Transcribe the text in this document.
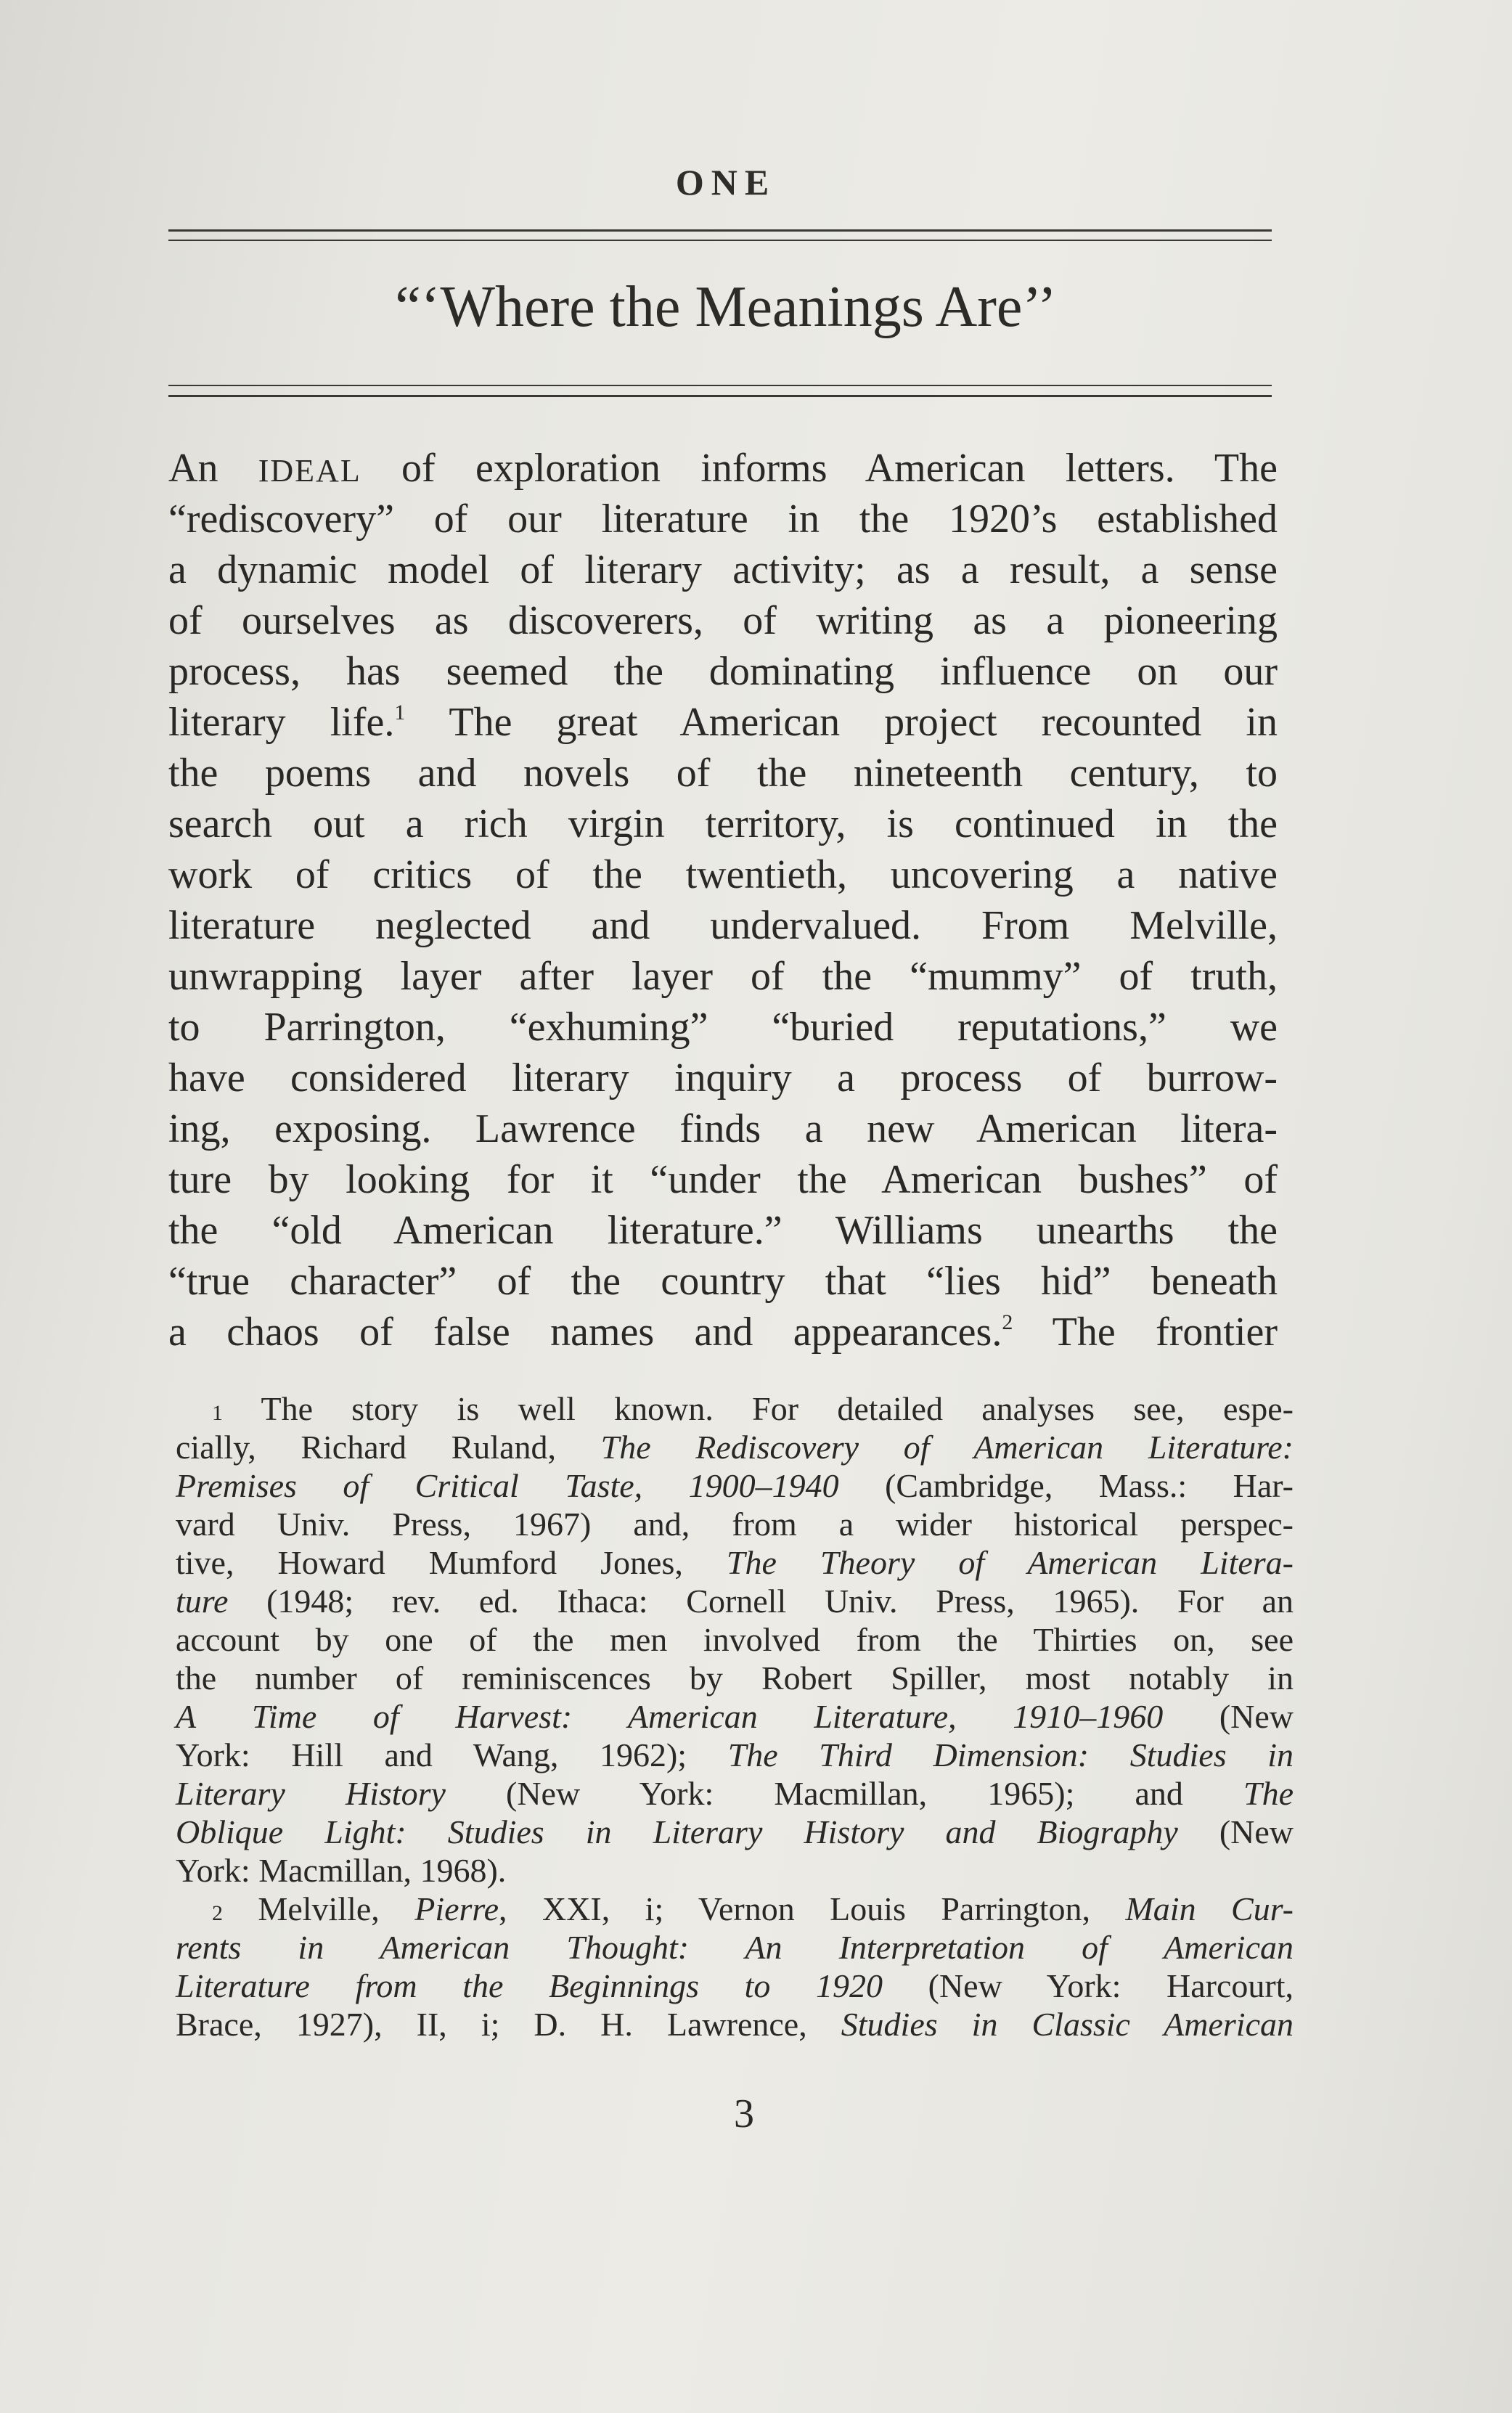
ONE
“‘Where the Meanings Are’’
An IDEAL of exploration informs American letters. The
“rediscovery” of our literature in the 1920’s established
a dynamic model of literary activity; as a result, a sense
of ourselves as discoverers, of writing as a pioneering
process, has seemed the dominating influence on our
literary life.$^1$ The great American project recounted in
the poems and novels of the nineteenth century, to
search out a rich virgin territory, is continued in the
work of critics of the twentieth, uncovering a native
literature neglected and undervalued. From Melville,
unwrapping layer after layer of the “mummy” of truth,
to Parrington, “exhuming” “buried reputations,” we
have considered literary inquiry a process of burrow-
ing, exposing. Lawrence finds a new American litera-
ture by looking for it “under the American bushes” of
the “old American literature.” Williams unearths the
“true character” of the country that “lies hid” beneath
a chaos of false names and appearances.$^2$ The frontier
1 The story is well known. For detailed analyses see, espe-
cially, Richard Ruland, The Rediscovery of American Literature:
Premises of Critical Taste, 1900–1940 (Cambridge, Mass.: Har-
vard Univ. Press, 1967) and, from a wider historical perspec-
tive, Howard Mumford Jones, The Theory of American Litera-
ture (1948; rev. ed. Ithaca: Cornell Univ. Press, 1965). For an
account by one of the men involved from the Thirties on, see
the number of reminiscences by Robert Spiller, most notably in
A Time of Harvest: American Literature, 1910–1960 (New
York: Hill and Wang, 1962); The Third Dimension: Studies in
Literary History (New York: Macmillan, 1965); and The
Oblique Light: Studies in Literary History and Biography (New
York: Macmillan, 1968).
2 Melville, Pierre, XXI, i; Vernon Louis Parrington, Main Cur-
rents in American Thought: An Interpretation of American
Literature from the Beginnings to 1920 (New York: Harcourt,
Brace, 1927), II, i; D. H. Lawrence, Studies in Classic American
3
